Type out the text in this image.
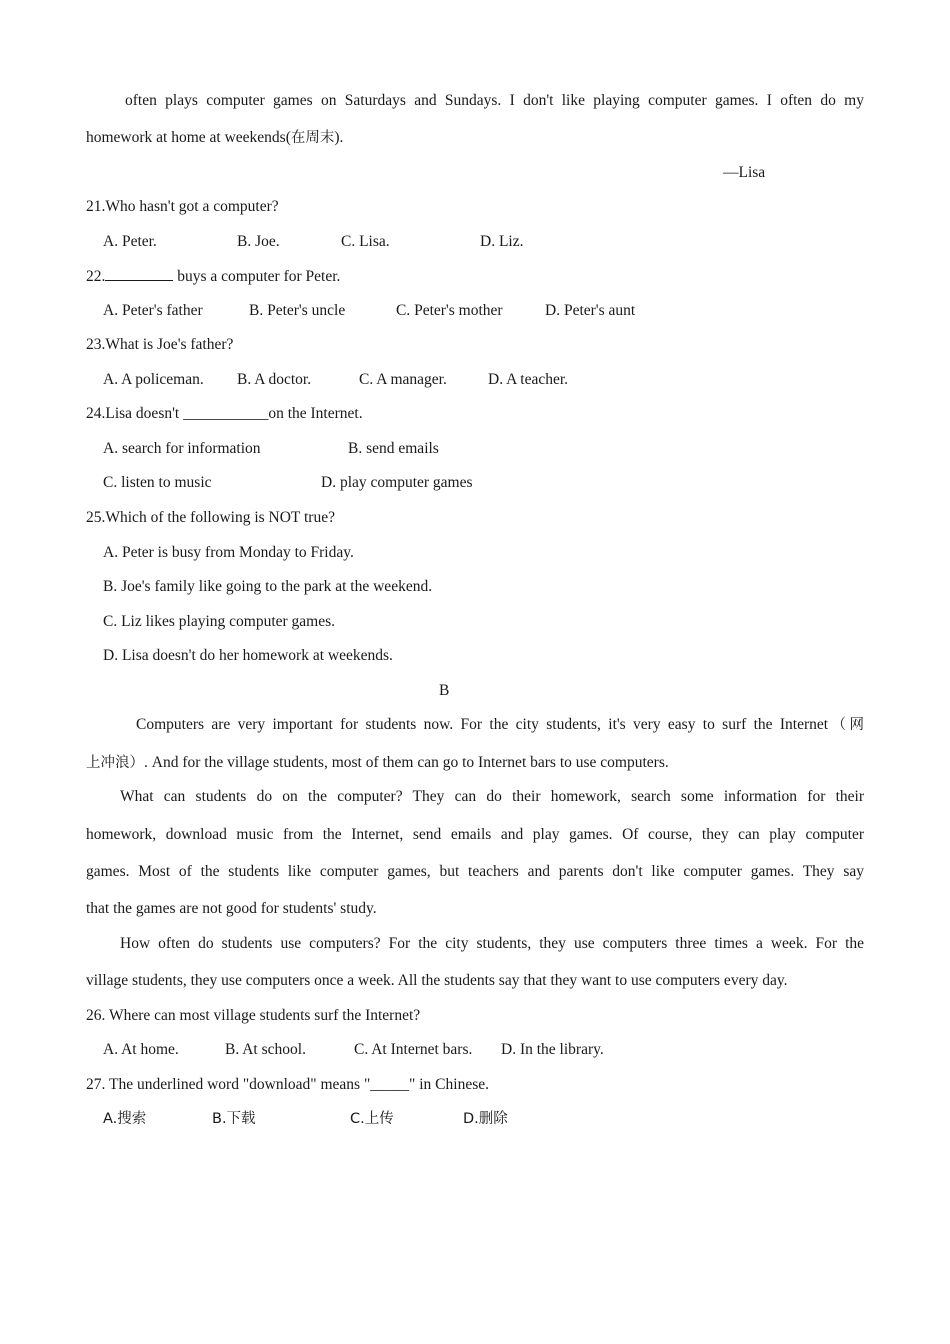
often plays computer games on Saturdays and Sundays. I don't like playing computer games. I often do my
homework at home at weekends(在周末).
—Lisa
21.Who hasn't got a computer?
A. Peter.	B. Joe.	C. Lisa.	D. Liz.
22.	buys a computer for Peter.
A. Peter's father	B. Peter's uncle	C. Peter's mother	D. Peter's aunt
23.What is Joe's father?
A. A policeman. B. A doctor.	C. A manager.	D. A teacher.
24.Lisa doesn't ___________on the Internet.
A. search for information	B. send emails
C. listen to music	D. play computer games
25.Which of the following is NOT true?
A. Peter is busy from Monday to Friday.
B. Joe's family like going to the park at the weekend.
C. Liz likes playing computer games.
D. Lisa doesn't do her homework at weekends.
B
Computers are very important for students now. For the city students, it's very easy to surf the Internet（网
上冲浪）. And for the village students, most of them can go to Internet bars to use computers.
What can students do on the computer? They can do their homework, search some information for their
homework, download music from the Internet, send emails and play games. Of course, they can play computer
games. Most of the students like computer games, but teachers and parents don't like computer games. They say
that the games are not good for students' study.
How often do students use computers? For the city students, they use computers three times a week. For the
village students, they use computers once a week. All the students say that they want to use computers every day.
26. Where can most village students surf the Internet?
A. At home.	B. At school.	C. At Internet bars. D. In the library.
27. The underlined word "download" means "_____" in Chinese.
A.搜索	B.下载	C.上传	D.删除
